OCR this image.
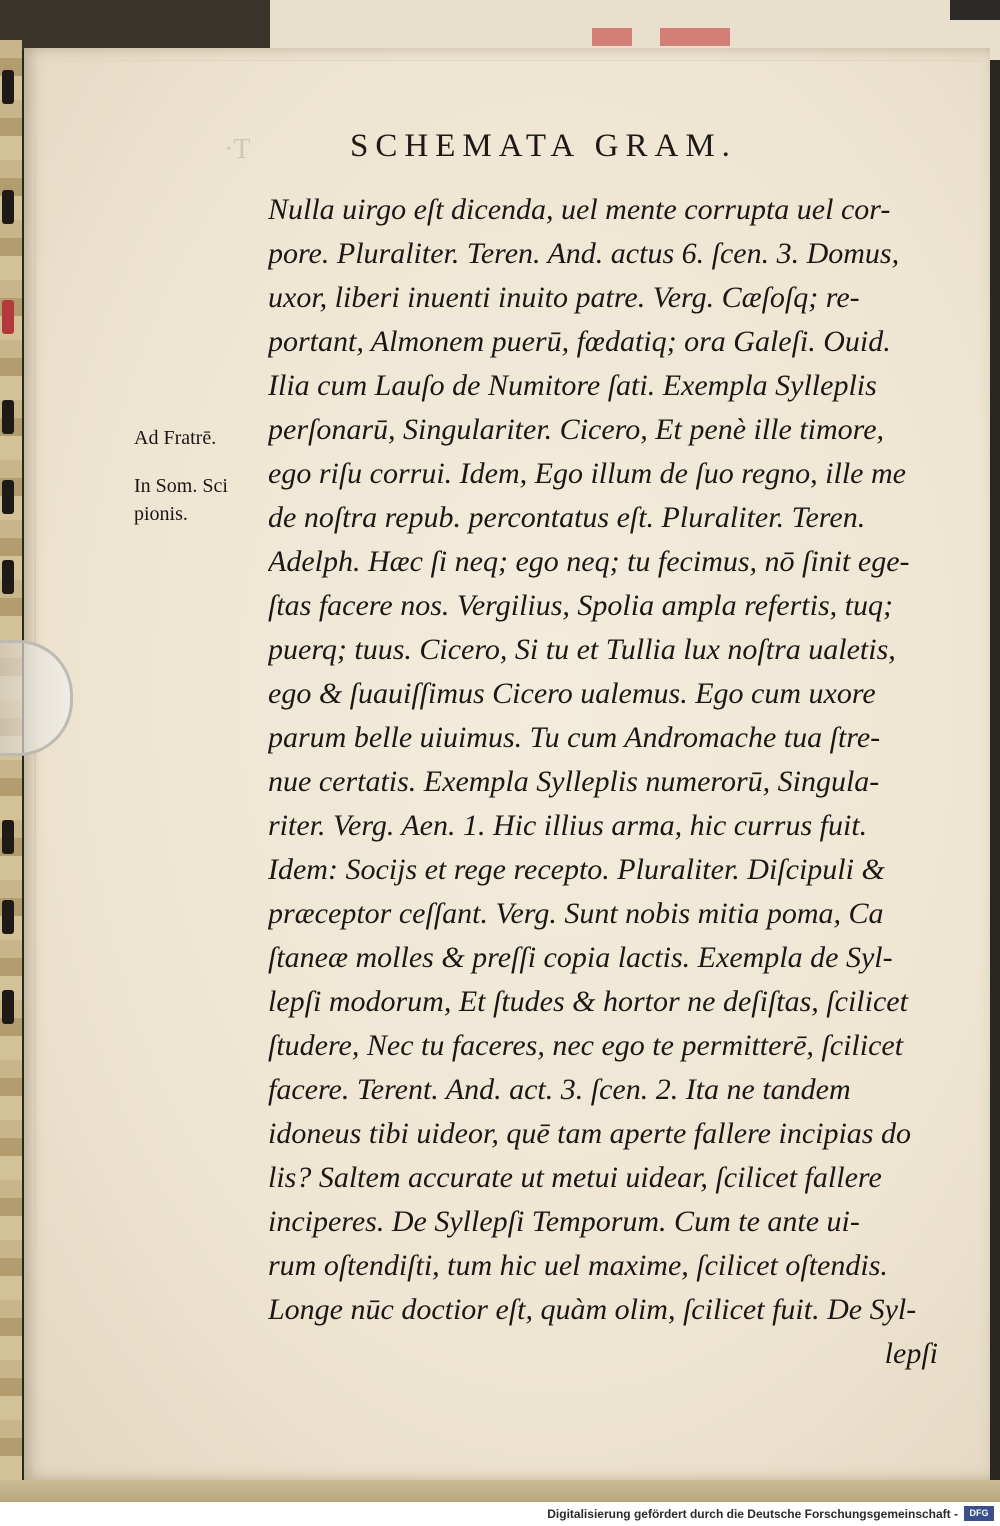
·T	SCHEMATA GRAM.
Ad Fratrē.
In Som. Sci
pionis.
Nulla uirgo eſt dicenda, uel mente corrupta uel cor-
pore. Pluraliter. Teren. And. actus 6. ſcen. 3. Domus,
uxor, liberi inuenti inuito patre. Verg. Cæſoſq; re-
portant, Almonem puerū, fœdatiq; ora Galeſi. Ouid.
Ilia cum Lauſo de Numitore ſati. Exempla Sylleplis
perſonarū, Singulariter. Cicero, Et penè ille timore,
ego riſu corrui. Idem, Ego illum de ſuo regno, ille me
de noſtra repub. percontatus eſt. Pluraliter. Teren.
Adelph. Hæc ſi neq; ego neq; tu fecimus, nō ſinit ege-
ſtas facere nos. Vergilius, Spolia ampla refertis, tuq;
puerq; tuus. Cicero, Si tu et Tullia lux noſtra ualetis,
ego & ſuauiſſimus Cicero ualemus. Ego cum uxore
parum belle uiuimus. Tu cum Andromache tua ſtre-
nue certatis. Exempla Sylleplis numerorū, Singula-
riter. Verg. Aen. 1. Hic illius arma, hic currus fuit.
Idem: Socijs et rege recepto. Pluraliter. Diſcipuli &
præceptor ceſſant. Verg. Sunt nobis mitia poma, Ca
ſtaneæ molles & preſſi copia lactis. Exempla de Syl-
lepſi modorum, Et ſtudes & hortor ne deſiſtas, ſcilicet
ſtudere, Nec tu faceres, nec ego te permitterē, ſcilicet
facere. Terent. And. act. 3. ſcen. 2. Ita ne tandem
idoneus tibi uideor, quē tam aperte fallere incipias do
lis? Saltem accurate ut metui uidear, ſcilicet fallere
inciperes. De Syllepſi Temporum. Cum te ante ui-
rum oſtendiſti, tum hic uel maxime, ſcilicet oſtendis.
Longe nūc doctior eſt, quàm olim, ſcilicet fuit. De Syl-
lepſi
Digitalisierung gefördert durch die Deutsche Forschungsgemeinschaft -	DFG
